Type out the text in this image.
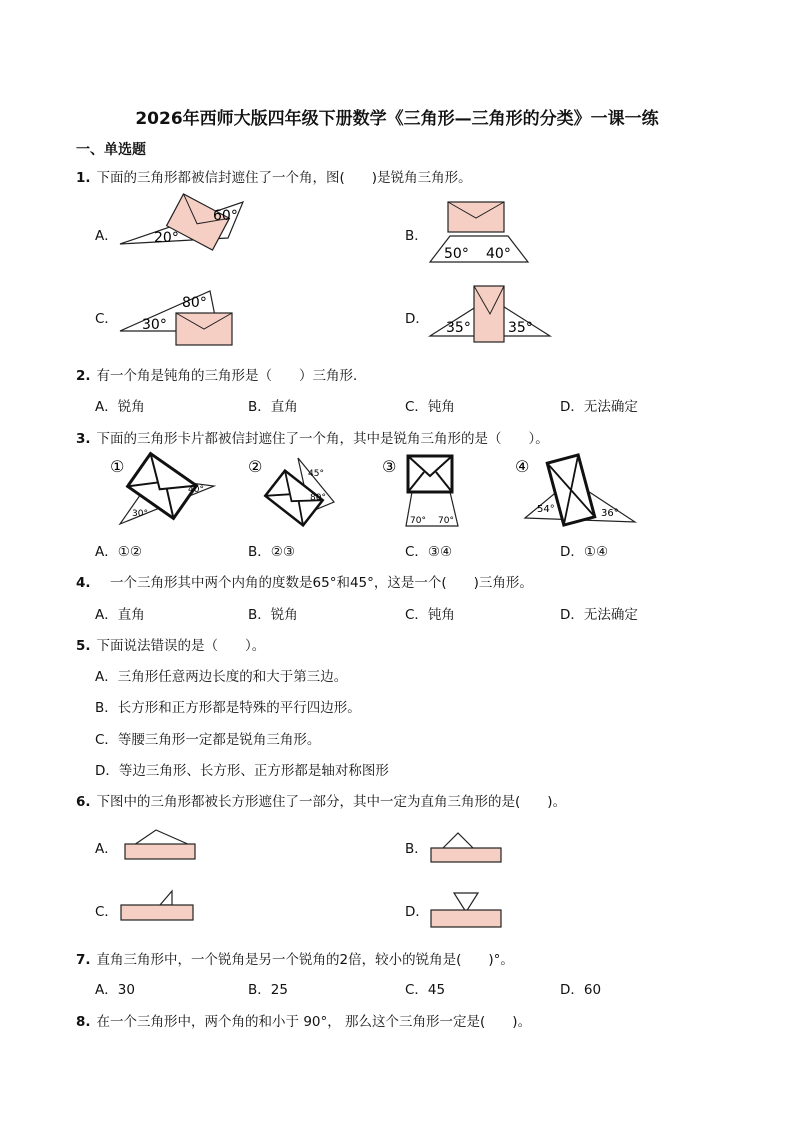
2026年西师大版四年级下册数学《三角形—三角形的分类》一课一练
一、单选题
1. 下面的三角形都被信封遮住了一个角，图(　　)是锐角三角形。
A．	B．
C．	D．
20°
60°
50° 40°
30°
80°
35°	35°
2. 有一个角是钝角的三角形是（　　）三角形．
A．锐角	B．直角	C．钝角	D．无法确定
3. 下面的三角形卡片都被信封遮住了一个角，其中是锐角三角形的是（　　）。
①
40°
30°
②	45°
80°
③
70° 70°
④
54°	36°
A．①②	B．②③	C．③④	D．①④
4.　一个三角形其中两个内角的度数是65°和45°，这是一个(　　)三角形。
A．直角	B．锐角	C．钝角	D．无法确定
5. 下面说法错误的是（　　）。
A．三角形任意两边长度的和大于第三边。
B．长方形和正方形都是特殊的平行四边形。
C．等腰三角形一定都是锐角三角形。
D．等边三角形、长方形、正方形都是轴对称图形
6. 下图中的三角形都被长方形遮住了一部分，其中一定为直角三角形的是(　　)。
A．	B．
C．	D．
7. 直角三角形中，一个锐角是另一个锐角的2倍，较小的锐角是(　　)°。
A．30	B．25	C．45	D．60
8. 在一个三角形中，两个角的和小于 90°， 那么这个三角形一定是(　　)。
